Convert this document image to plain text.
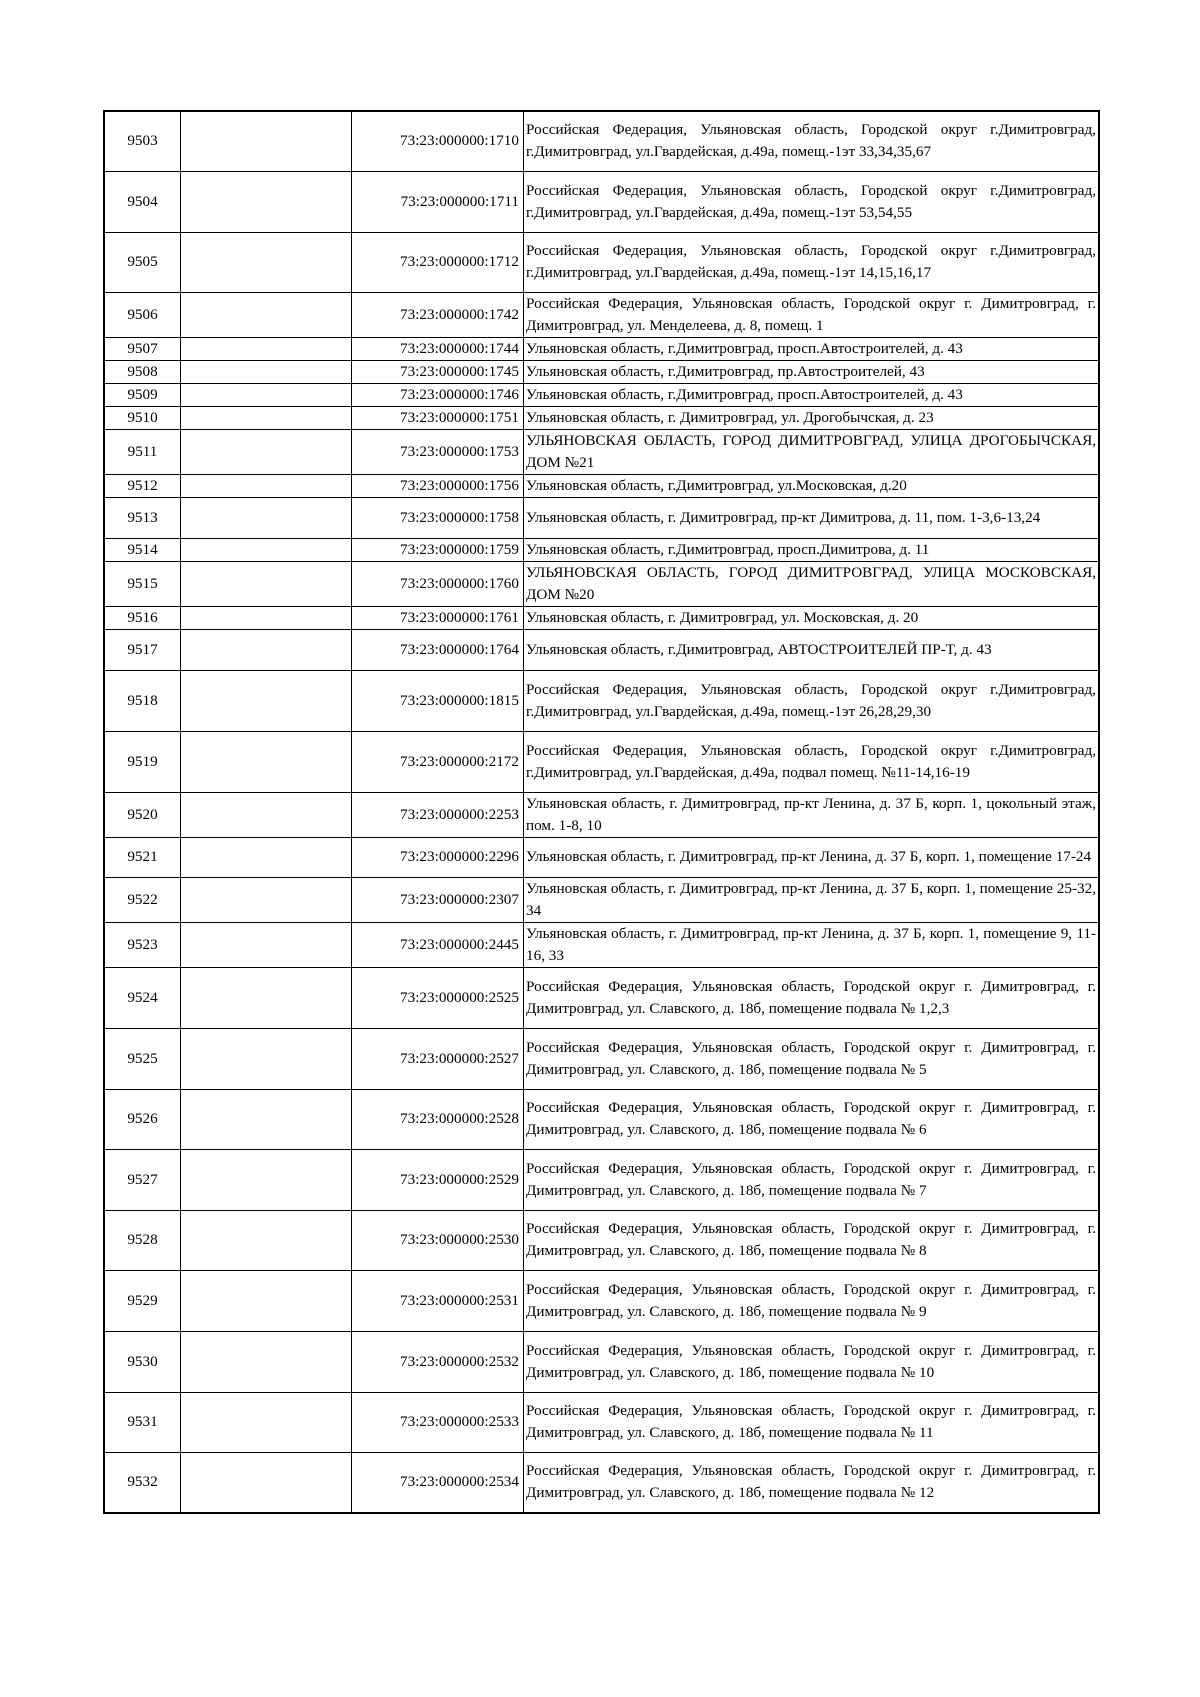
9503		73:23:000000:1710	Российская Федерация, Ульяновская область, Городской округ г.Димитровград, г.Димитровград, ул.Гвардейская, д.49а, помещ.-1эт 33,34,35,67
9504		73:23:000000:1711	Российская Федерация, Ульяновская область, Городской округ г.Димитровград, г.Димитровград, ул.Гвардейская, д.49а, помещ.-1эт 53,54,55
9505		73:23:000000:1712	Российская Федерация, Ульяновская область, Городской округ г.Димитровград, г.Димитровград, ул.Гвардейская, д.49а, помещ.-1эт 14,15,16,17
9506		73:23:000000:1742	Российская Федерация, Ульяновская область, Городской округ г. Димитровград, г. Димитровград, ул. Менделеева, д. 8, помещ. 1
9507		73:23:000000:1744	Ульяновская область, г.Димитровград, просп.Автостроителей, д. 43
9508		73:23:000000:1745	Ульяновская область, г.Димитровград, пр.Автостроителей, 43
9509		73:23:000000:1746	Ульяновская область, г.Димитровград, просп.Автостроителей, д. 43
9510		73:23:000000:1751	Ульяновская область, г. Димитровград, ул. Дрогобычская, д. 23
9511		73:23:000000:1753	УЛЬЯНОВСКАЯ ОБЛАСТЬ, ГОРОД ДИМИТРОВГРАД, УЛИЦА ДРОГОБЫЧСКАЯ, ДОМ №21
9512		73:23:000000:1756	Ульяновская область, г.Димитровград, ул.Московская, д.20
9513		73:23:000000:1758	Ульяновская область, г. Димитровград, пр-кт Димитрова, д. 11, пом. 1-3,6-13,24
9514		73:23:000000:1759	Ульяновская область, г.Димитровград, просп.Димитрова, д. 11
9515		73:23:000000:1760	УЛЬЯНОВСКАЯ ОБЛАСТЬ, ГОРОД ДИМИТРОВГРАД, УЛИЦА МОСКОВСКАЯ, ДОМ №20
9516		73:23:000000:1761	Ульяновская область, г. Димитровград, ул. Московская, д. 20
9517		73:23:000000:1764	Ульяновская область, г.Димитровград, АВТОСТРОИТЕЛЕЙ ПР-Т, д. 43
9518		73:23:000000:1815	Российская Федерация, Ульяновская область, Городской округ г.Димитровград, г.Димитровград, ул.Гвардейская, д.49а, помещ.-1эт 26,28,29,30
9519		73:23:000000:2172	Российская Федерация, Ульяновская область, Городской округ г.Димитровград, г.Димитровград, ул.Гвардейская, д.49а, подвал помещ. №11-14,16-19
9520		73:23:000000:2253	Ульяновская область, г. Димитровград, пр-кт Ленина, д. 37 Б, корп. 1, цокольный этаж, пом. 1-8, 10
9521		73:23:000000:2296	Ульяновская область, г. Димитровград, пр-кт Ленина, д. 37 Б, корп. 1, помещение 17-24
9522		73:23:000000:2307	Ульяновская область, г. Димитровград, пр-кт Ленина, д. 37 Б, корп. 1, помещение 25-32, 34
9523		73:23:000000:2445	Ульяновская область, г. Димитровград, пр-кт Ленина, д. 37 Б, корп. 1, помещение 9, 11-16, 33
9524		73:23:000000:2525	Российская Федерация, Ульяновская область, Городской округ г. Димитровград, г. Димитровград, ул. Славского, д. 18б, помещение подвала № 1,2,3
9525		73:23:000000:2527	Российская Федерация, Ульяновская область, Городской округ г. Димитровград, г. Димитровград, ул. Славского, д. 18б, помещение подвала № 5
9526		73:23:000000:2528	Российская Федерация, Ульяновская область, Городской округ г. Димитровград, г. Димитровград, ул. Славского, д. 18б, помещение подвала № 6
9527		73:23:000000:2529	Российская Федерация, Ульяновская область, Городской округ г. Димитровград, г. Димитровград, ул. Славского, д. 18б, помещение подвала № 7
9528		73:23:000000:2530	Российская Федерация, Ульяновская область, Городской округ г. Димитровград, г. Димитровград, ул. Славского, д. 18б, помещение подвала № 8
9529		73:23:000000:2531	Российская Федерация, Ульяновская область, Городской округ г. Димитровград, г. Димитровград, ул. Славского, д. 18б, помещение подвала № 9
9530		73:23:000000:2532	Российская Федерация, Ульяновская область, Городской округ г. Димитровград, г. Димитровград, ул. Славского, д. 18б, помещение подвала № 10
9531		73:23:000000:2533	Российская Федерация, Ульяновская область, Городской округ г. Димитровград, г. Димитровград, ул. Славского, д. 18б, помещение подвала № 11
9532		73:23:000000:2534	Российская Федерация, Ульяновская область, Городской округ г. Димитровград, г. Димитровград, ул. Славского, д. 18б, помещение подвала № 12
